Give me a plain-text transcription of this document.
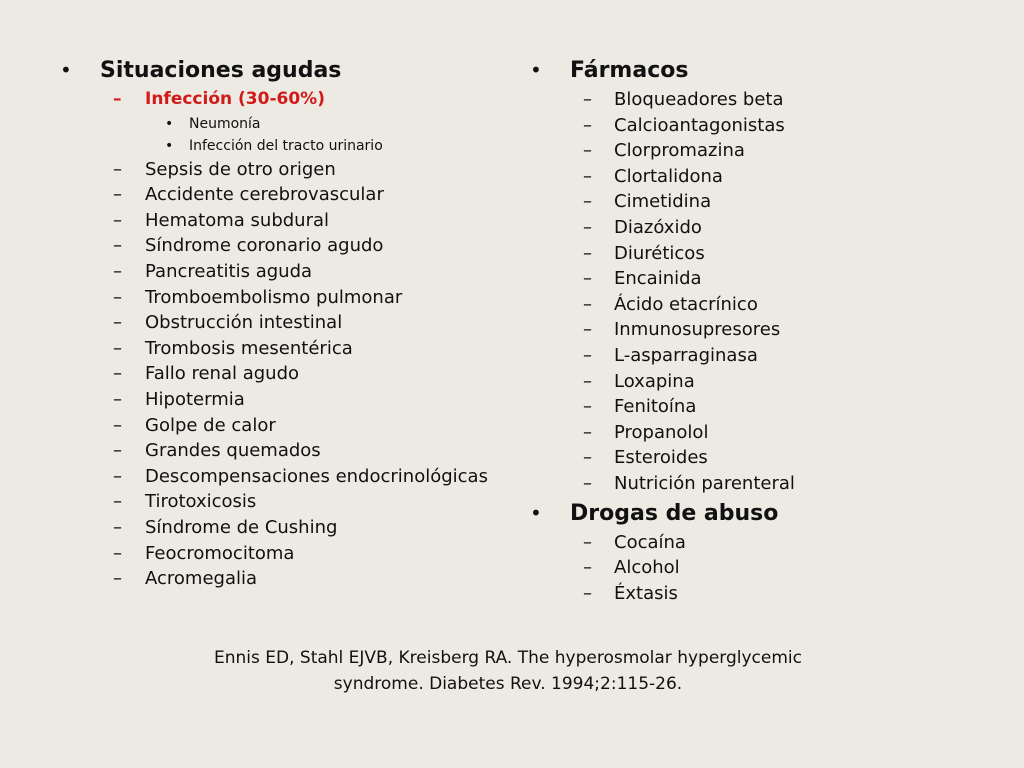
• Situaciones agudas
– Infección (30-60%)
• Neumonía
• Infección del tracto urinario
– Sepsis de otro origen
– Accidente cerebrovascular
– Hematoma subdural
– Síndrome coronario agudo
– Pancreatitis aguda
– Tromboembolismo pulmonar
– Obstrucción intestinal
– Trombosis mesentérica
– Fallo renal agudo
– Hipotermia
– Golpe de calor
– Grandes quemados
– Descompensaciones endocrinológicas
– Tirotoxicosis
– Síndrome de Cushing
– Feocromocitoma
– Acromegalia
• Fármacos
– Bloqueadores beta
– Calcioantagonistas
– Clorpromazina
– Clortalidona
– Cimetidina
– Diazóxido
– Diuréticos
– Encainida
– Ácido etacrínico
– Inmunosupresores
– L-asparraginasa
– Loxapina
– Fenitoína
– Propanolol
– Esteroides
– Nutrición parenteral
• Drogas de abuso
– Cocaína
– Alcohol
– Éxtasis
Ennis ED, Stahl EJVB, Kreisberg RA. The hyperosmolar hyperglycemic
syndrome. Diabetes Rev. 1994;2:115-26.
